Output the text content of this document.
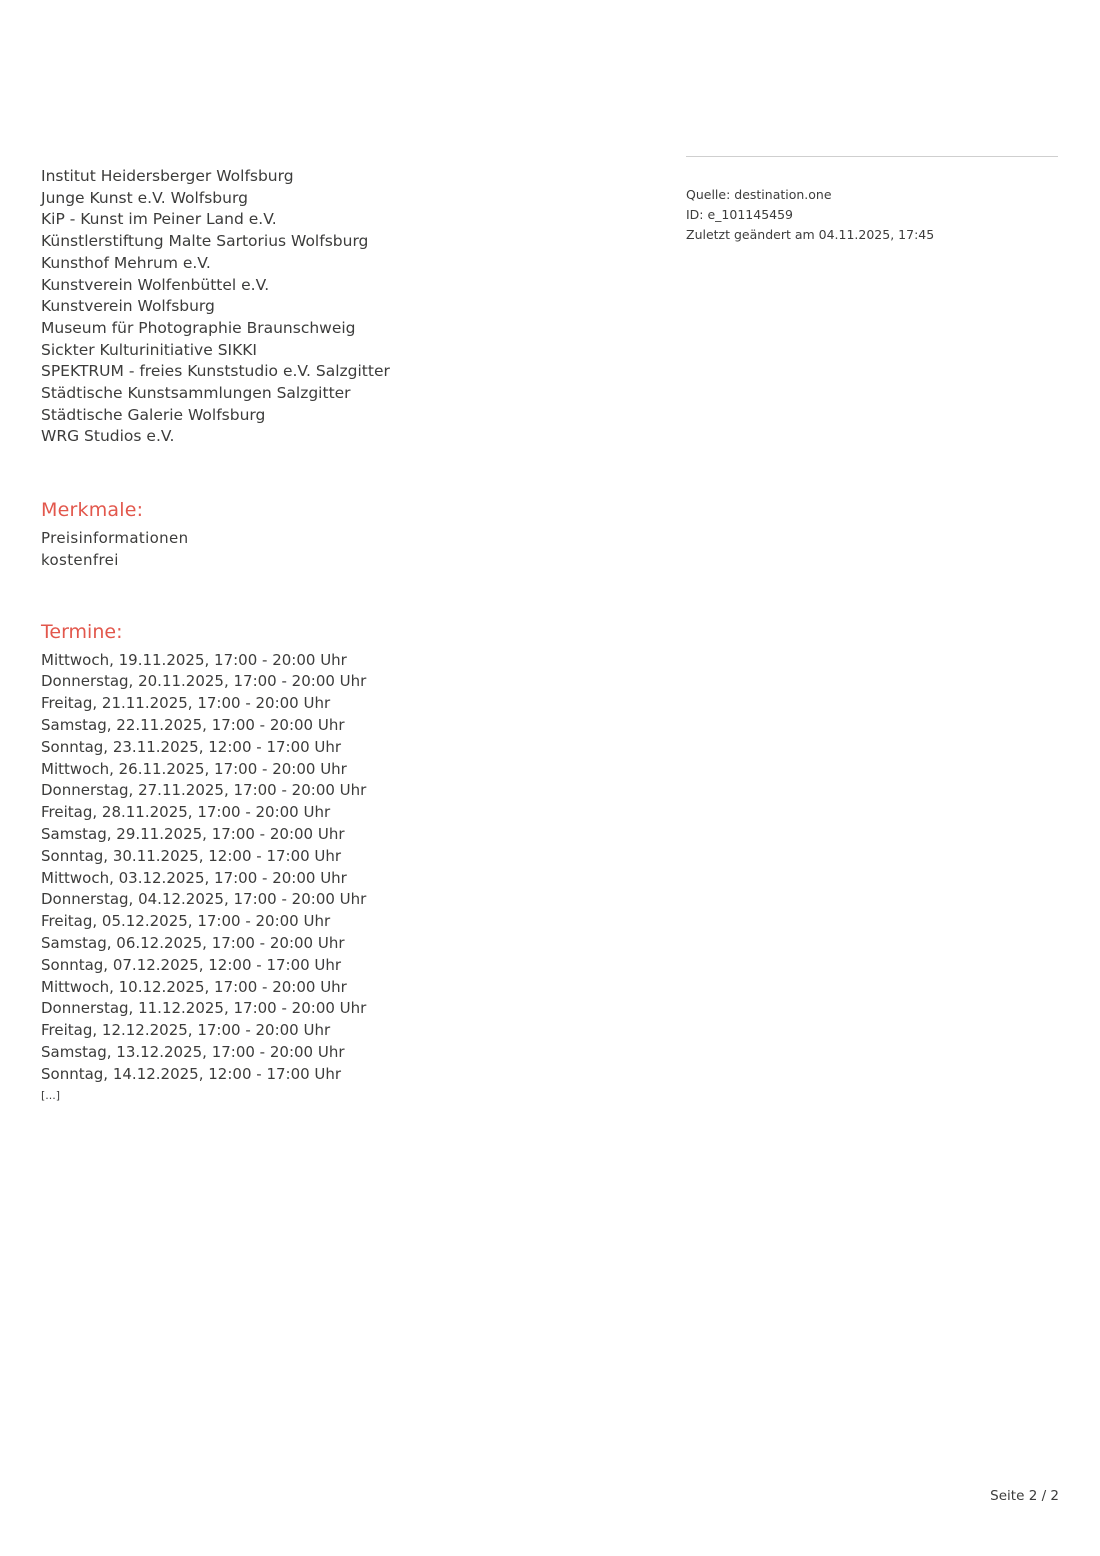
Institut Heidersberger Wolfsburg
Junge Kunst e.V. Wolfsburg
KiP - Kunst im Peiner Land e.V.
Künstlerstiftung Malte Sartorius Wolfsburg
Kunsthof Mehrum e.V.
Kunstverein Wolfenbüttel e.V.
Kunstverein Wolfsburg
Museum für Photographie Braunschweig
Sickter Kulturinitiative SIKKI
SPEKTRUM - freies Kunststudio e.V. Salzgitter
Städtische Kunstsammlungen Salzgitter
Städtische Galerie Wolfsburg
WRG Studios e.V.
Merkmale:
Preisinformationen
kostenfrei
Termine:
Mittwoch, 19.11.2025, 17:00 - 20:00 Uhr
Donnerstag, 20.11.2025, 17:00 - 20:00 Uhr
Freitag, 21.11.2025, 17:00 - 20:00 Uhr
Samstag, 22.11.2025, 17:00 - 20:00 Uhr
Sonntag, 23.11.2025, 12:00 - 17:00 Uhr
Mittwoch, 26.11.2025, 17:00 - 20:00 Uhr
Donnerstag, 27.11.2025, 17:00 - 20:00 Uhr
Freitag, 28.11.2025, 17:00 - 20:00 Uhr
Samstag, 29.11.2025, 17:00 - 20:00 Uhr
Sonntag, 30.11.2025, 12:00 - 17:00 Uhr
Mittwoch, 03.12.2025, 17:00 - 20:00 Uhr
Donnerstag, 04.12.2025, 17:00 - 20:00 Uhr
Freitag, 05.12.2025, 17:00 - 20:00 Uhr
Samstag, 06.12.2025, 17:00 - 20:00 Uhr
Sonntag, 07.12.2025, 12:00 - 17:00 Uhr
Mittwoch, 10.12.2025, 17:00 - 20:00 Uhr
Donnerstag, 11.12.2025, 17:00 - 20:00 Uhr
Freitag, 12.12.2025, 17:00 - 20:00 Uhr
Samstag, 13.12.2025, 17:00 - 20:00 Uhr
Sonntag, 14.12.2025, 12:00 - 17:00 Uhr
[...]
Quelle: destination.one
ID: e_101145459
Zuletzt geändert am 04.11.2025, 17:45
Seite 2 / 2
